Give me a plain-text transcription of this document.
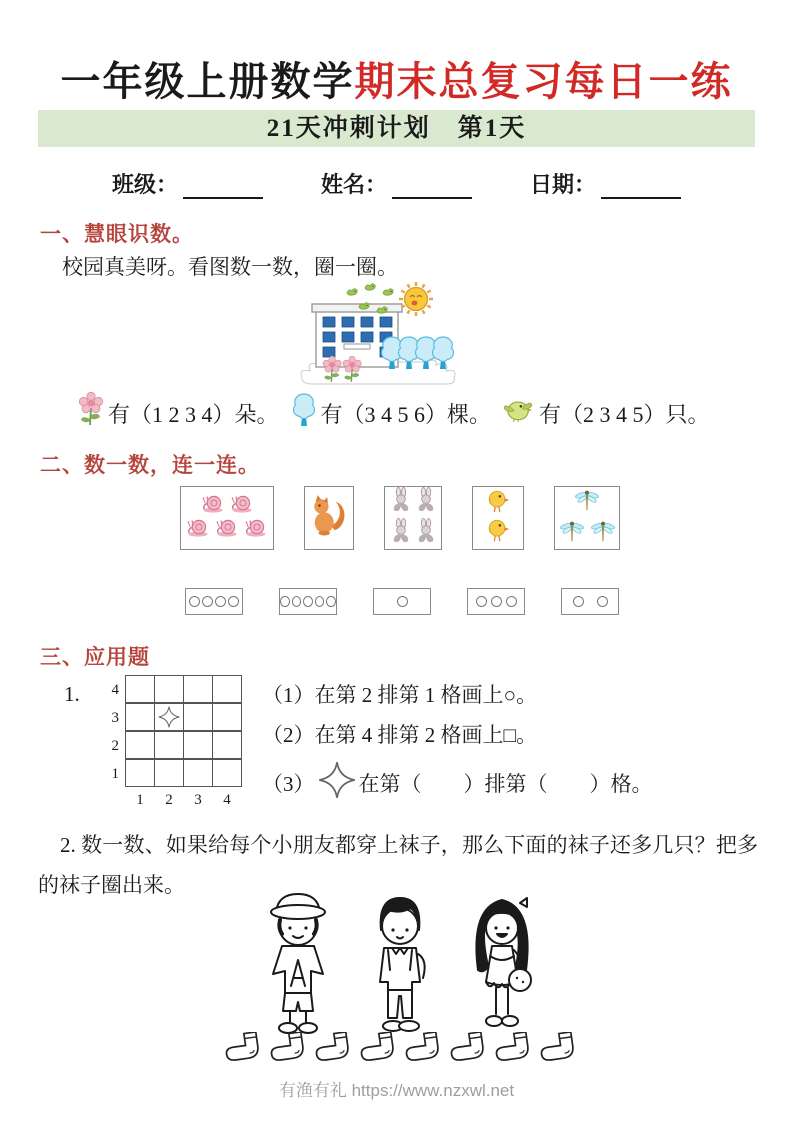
一年级上册数学期末总复习每日一练
21天冲刺计划　第1天
班级：	姓名：	日期：
一、慧眼识数。
校园真美呀。看图数一数，圈一圈。
有（1 2 3 4）朵。 有（3 4 5 6）棵。 有（2 3 4 5）只。
二、数一数，连一连。
三、应用题
1.	4
3
2
1
1	2	3	4
（1）在第 2 排第 1 格画上○。
（2）在第 4 排第 2 格画上□。
（3） 在第（　　）排第（　　）格。
2. 数一数、如果给每个小朋友都穿上袜子，那么下面的袜子还多几只？把多的袜子圈出来。
有渔有礼 https://www.nzxwl.net
